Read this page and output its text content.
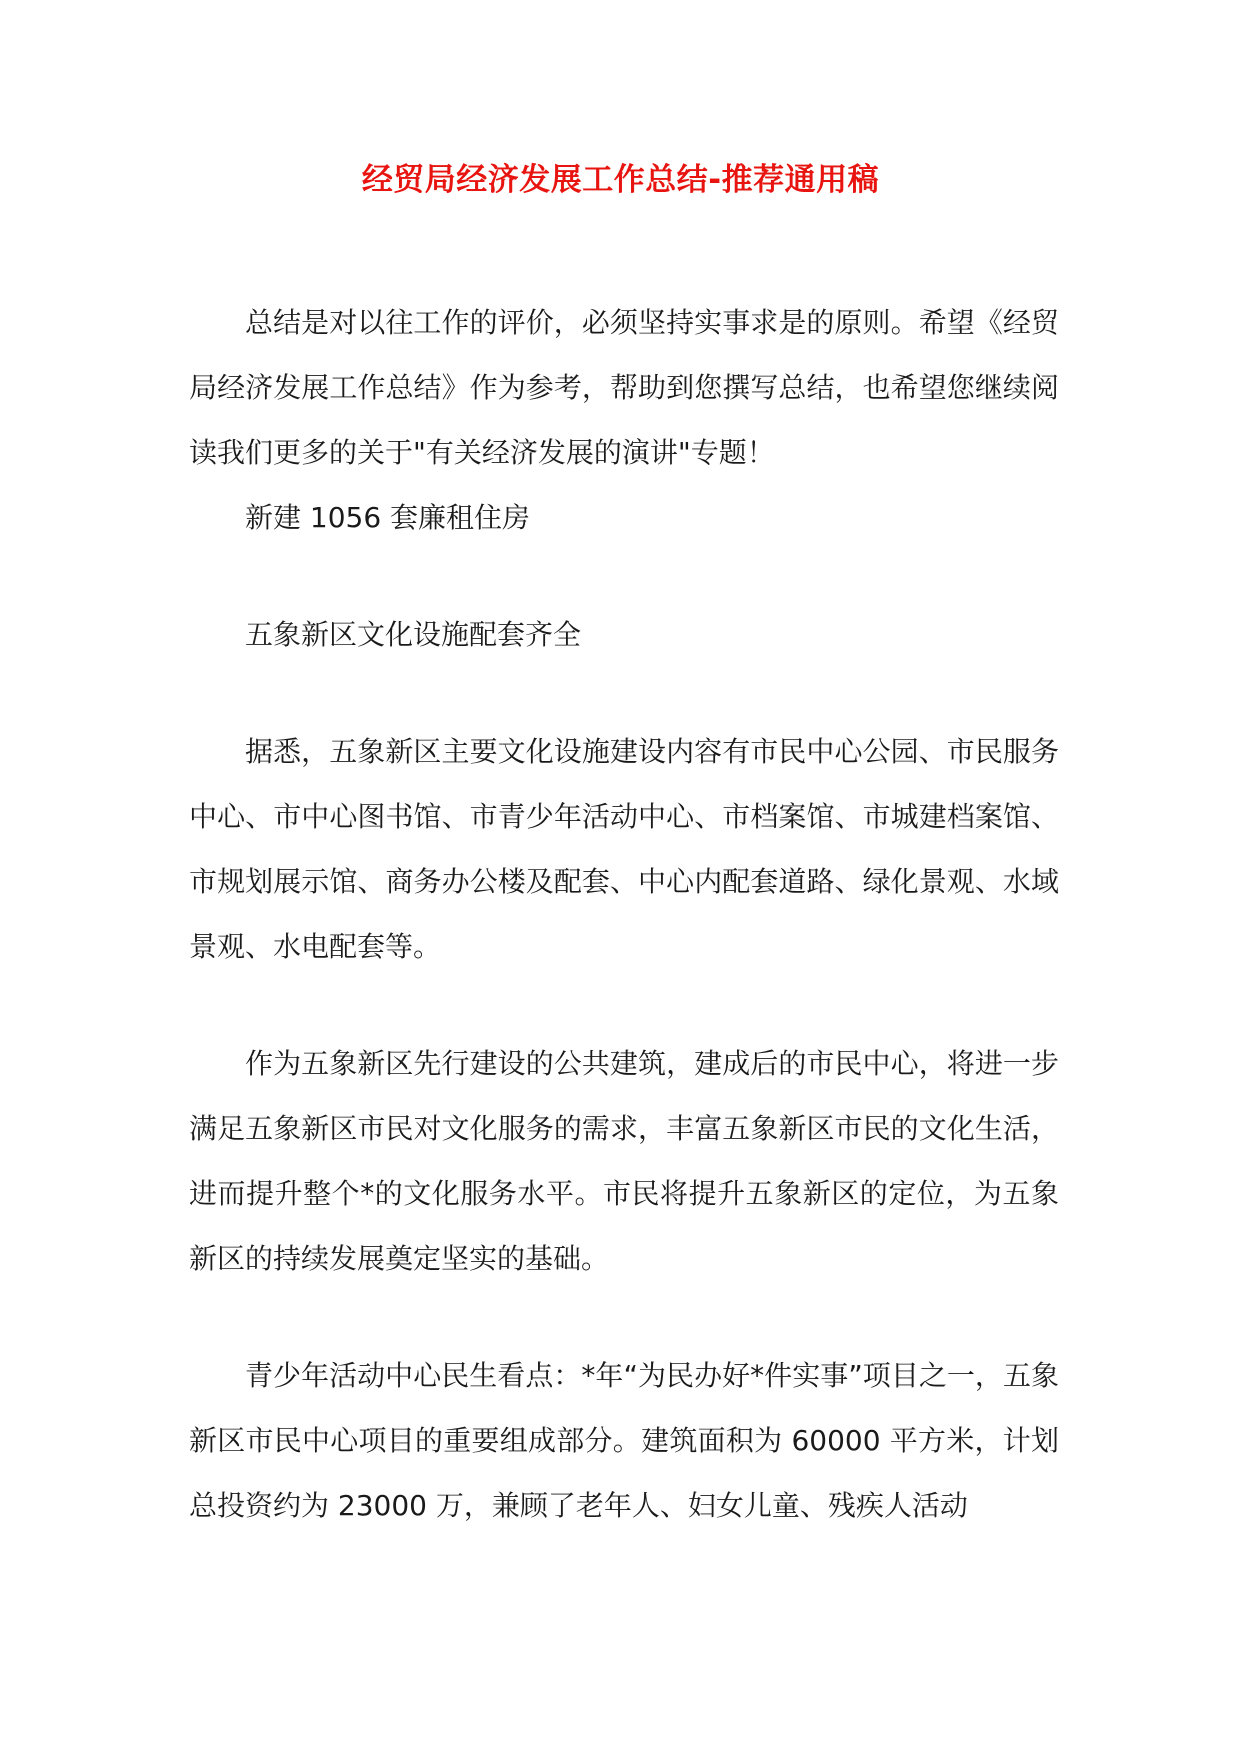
经贸局经济发展工作总结-推荐通用稿

总结是对以往工作的评价，必须坚持实事求是的原则。希望《经贸局经济发展工作总结》作为参考，帮助到您撰写总结，也希望您继续阅读我们更多的关于"有关经济发展的演讲"专题！

新建 1056 套廉租住房

五象新区文化设施配套齐全

据悉，五象新区主要文化设施建设内容有市民中心公园、市民服务中心、市中心图书馆、市青少年活动中心、市档案馆、市城建档案馆、市规划展示馆、商务办公楼及配套、中心内配套道路、绿化景观、水域景观、水电配套等。

作为五象新区先行建设的公共建筑，建成后的市民中心，将进一步满足五象新区市民对文化服务的需求，丰富五象新区市民的文化生活，进而提升整个*的文化服务水平。市民将提升五象新区的定位，为五象新区的持续发展奠定坚实的基础。

青少年活动中心民生看点：*年“为民办好*件实事”项目之一，五象新区市民中心项目的重要组成部分。建筑面积为 60000 平方米，计划总投资约为 23000 万，兼顾了老年人、妇女儿童、残疾人活动
